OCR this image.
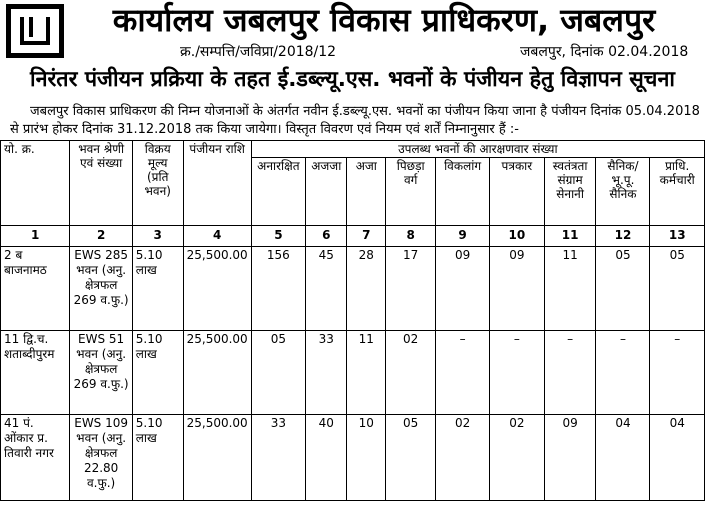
कार्यालय जबलपुर विकास प्राधिकरण, जबलपुर
क्र./सम्पत्ति/जविप्रा/2018/12	जबलपुर, दिनांक 02.04.2018
निरंतर पंजीयन प्रक्रिया के तहत ई.डब्ल्यू.एस. भवनों के पंजीयन हेतु विज्ञापन सूचना
जबलपुर विकास प्राधिकरण की निम्न योजनाओं के अंतर्गत नवीन ई.डब्ल्यू.एस. भवनों का पंजीयन किया जाना है पंजीयन दिनांक 05.04.2018 से प्रारंभ होकर दिनांक 31.12.2018 तक किया जायेगा। विस्तृत विवरण एवं नियम एवं शर्तें निम्नानुसार हैं :-
यो. क्र.	भवन श्रेणी एवं संख्या	विक्रय मूल्य (प्रति भवन)	पंजीयन राशि	उपलब्ध भवनों की आरक्षणवार संख्या								
				अनारक्षित	अजजा	अजा	पिछड़ा वर्ग	विकलांग	पत्रकार	स्वतंत्रता संग्राम सेनानी	सैनिक/ भू.पू. सैनिक	प्राधि. कर्मचारी
1	2	3	4	5	6	7	8	9	10	11	12	13
2 ब बाजनामठ	EWS 285 भवन (अनु. क्षेत्रफल 269 व.फु.)	5.10 लाख	25,500.00	156	45	28	17	09	09	11	05	05
11 द्वि.च. शताब्दीपुरम	EWS 51 भवन (अनु. क्षेत्रफल 269 व.फु.)	5.10 लाख	25,500.00	05	33	11	02	–	–	–	–	–
41 पं. ओंकार प्र. तिवारी नगर	EWS 109 भवन (अनु. क्षेत्रफल 22.80 व.फु.)	5.10 लाख	25,500.00	33	40	10	05	02	02	09	04	04
